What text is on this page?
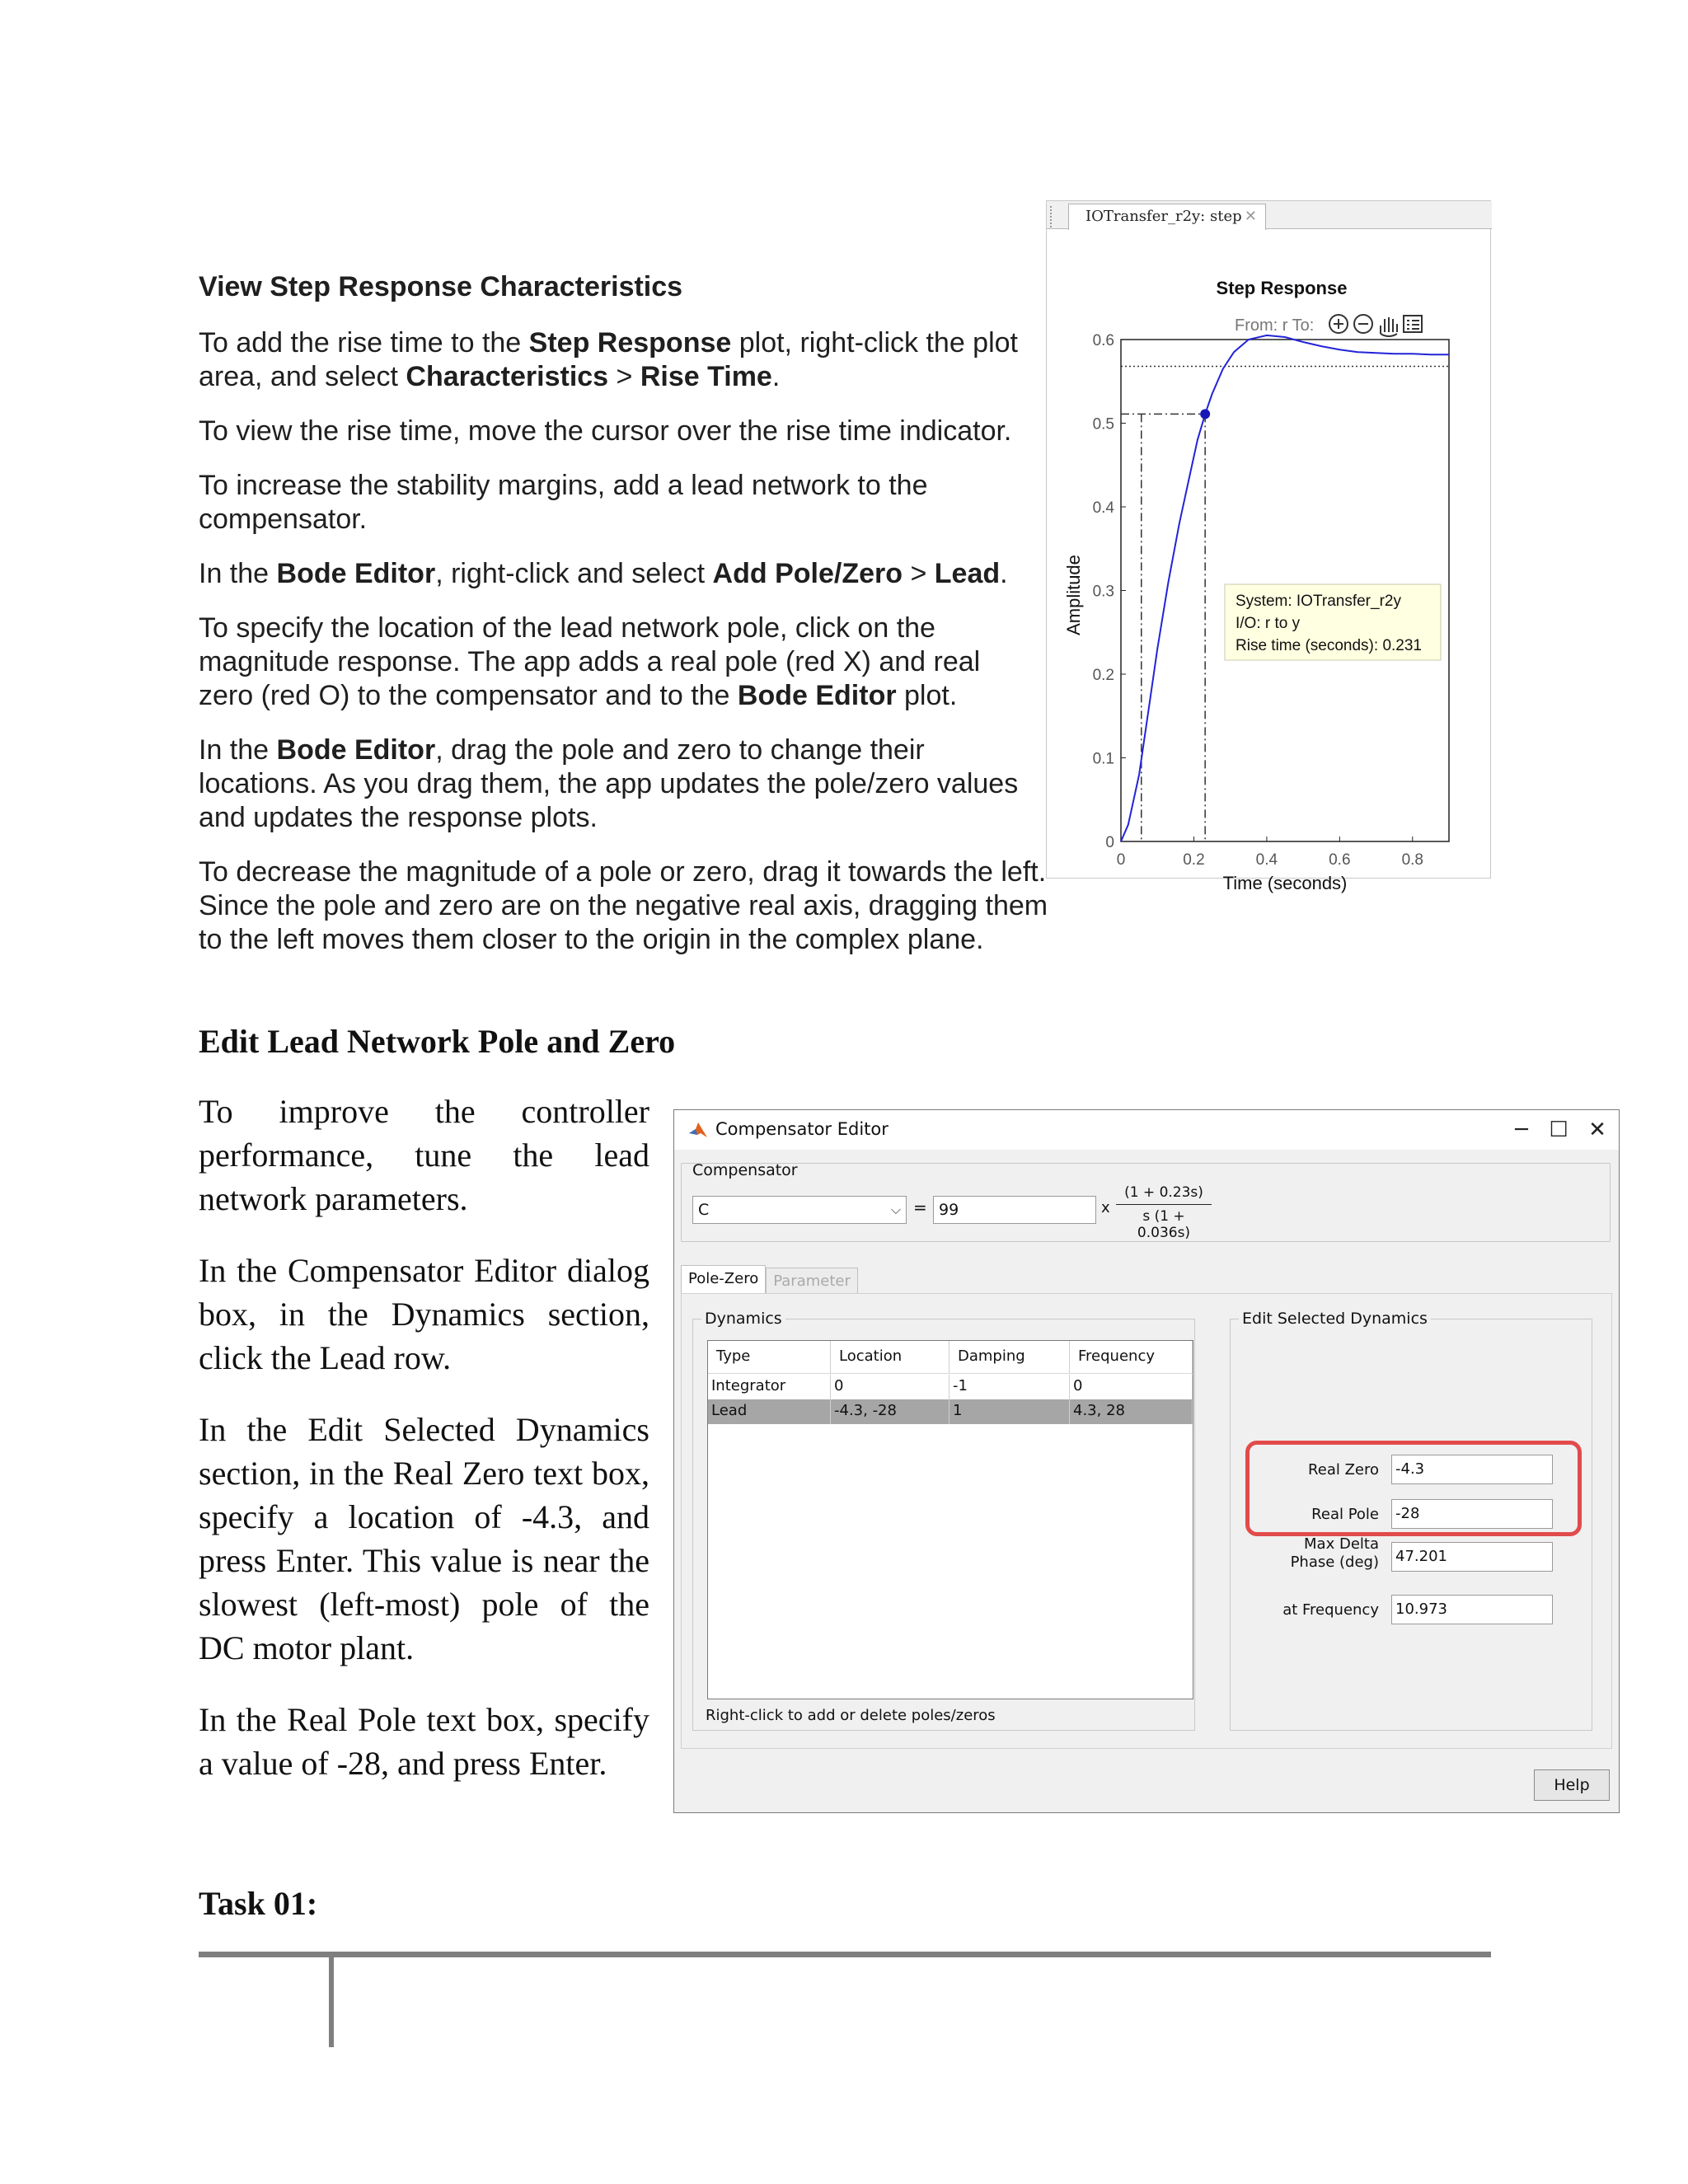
View Step Response Characteristics

To add the rise time to the Step Response plot, right-click the plot area, and select Characteristics > Rise Time.

To view the rise time, move the cursor over the rise time indicator.

To increase the stability margins, add a lead network to the compensator.

In the Bode Editor, right-click and select Add Pole/Zero > Lead.

To specify the location of the lead network pole, click on the magnitude response. The app adds a real pole (red X) and real zero (red O) to the compensator and to the Bode Editor plot.

In the Bode Editor, drag the pole and zero to change their locations. As you drag them, the app updates the pole/zero values and updates the response plots.

To decrease the magnitude of a pole or zero, drag it towards the left. Since the pole and zero are on the negative real axis, dragging them to the left moves them closer to the origin in the complex plane.

IOTransfer_r2y: step ✕
Step Response
From: r To:
0
0.1
0.2
0.3
0.4
0.5
0.6
0	0.2	0.4	0.6	0.8
Amplitude
Time (seconds)
System: IOTransfer_r2y
I/O: r to y
Rise time (seconds): 0.231
Edit Lead Network Pole and Zero

To improve the controller performance, tune the lead network parameters.

In the Compensator Editor dialog box, in the Dynamics section, click the Lead row.

In the Edit Selected Dynamics section, in the Real Zero text box, specify a location of -4.3, and press Enter. This value is near the slowest (left-most) pole of the DC motor plant.

In the Real Pole text box, specify a value of -28, and press Enter.

Compensator Editor	─ ☐ ✕
Compensator
C	⌵ = 99	x $\frac{(1 + 0.23s)}{s (1 + 0.036s)}$
Pole-Zero	Parameter
Dynamics
Type	Location	Damping	Frequency
Integrator	0	-1	0
Lead	-4.3, -28	1	4.3, 28
Right-click to add or delete poles/zeros
Edit Selected Dynamics
Real Zero -4.3
Real Pole -28
Max Delta
Phase (deg) 47.201
at Frequency 10.973
Help
Task 01:
